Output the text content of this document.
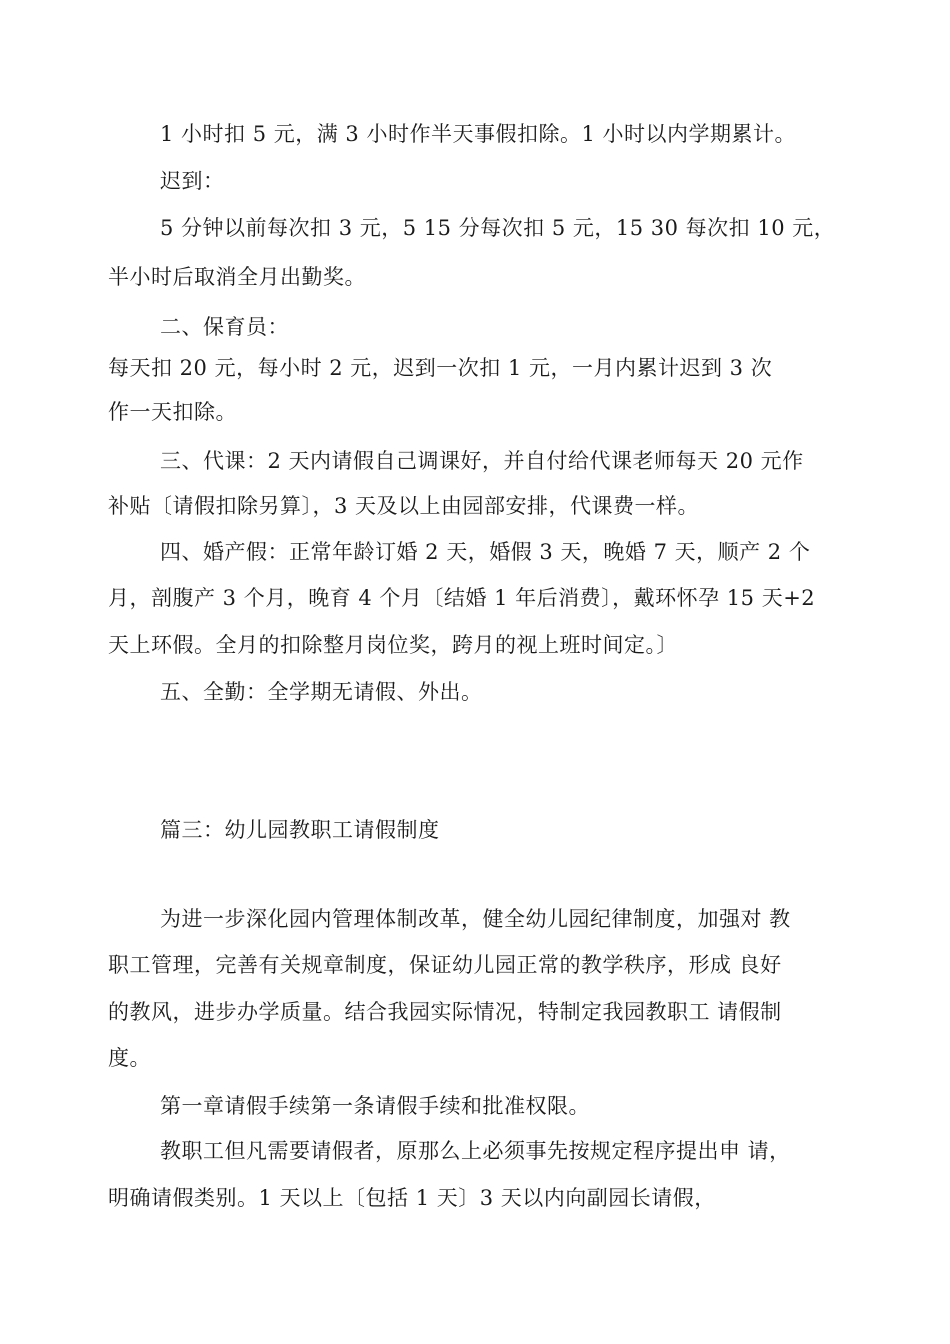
1 小时扣 5 元，满 3 小时作半天事假扣除。1 小时以内学期累计。
迟到：
5 分钟以前每次扣 3 元，5 15 分每次扣 5 元，15 30 每次扣 10 元，
半小时后取消全月出勤奖。
二、保育员：
每天扣 20 元，每小时 2 元，迟到一次扣 1 元，一月内累计迟到 3 次
作一天扣除。
三、代课：2 天内请假自己调课好，并自付给代课老师每天 20 元作
补贴〔请假扣除另算〕，3 天及以上由园部安排，代课费一样。
四、婚产假：正常年龄订婚 2 天，婚假 3 天，晚婚 7 天，顺产 2 个
月，剖腹产 3 个月，晚育 4 个月〔结婚 1 年后消费〕，戴环怀孕 15 天+2
天上环假。全月的扣除整月岗位奖，跨月的视上班时间定。〕
五、全勤：全学期无请假、外出。
篇三：幼儿园教职工请假制度
为进一步深化园内管理体制改革，健全幼儿园纪律制度，加强对 教
职工管理，完善有关规章制度，保证幼儿园正常的教学秩序，形成 良好
的教风，进步办学质量。结合我园实际情况，特制定我园教职工 请假制
度。
第一章请假手续第一条请假手续和批准权限。
教职工但凡需要请假者，原那么上必须事先按规定程序提出申 请，
明确请假类别。1 天以上〔包括 1 天〕3 天以内向副园长请假，
